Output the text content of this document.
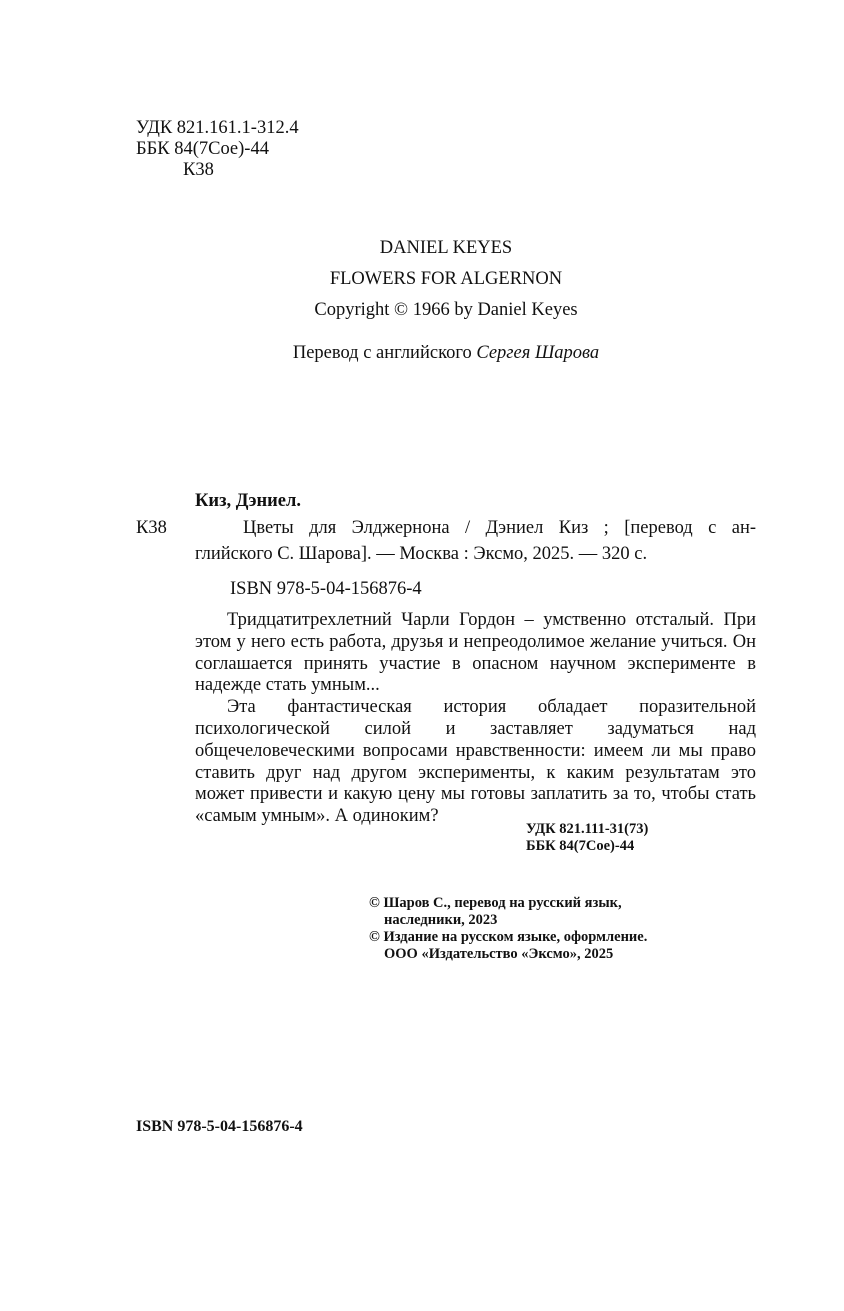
УДК 821.161.1-312.4
ББК 84(7Сое)-44
К38
DANIEL KEYES
FLOWERS FOR ALGERNON
Copyright © 1966 by Daniel Keyes
Перевод с английского Сергея Шарова
Киз, Дэниел.
К38	Цветы для Элджернона / Дэниел Киз ; [перевод с ан-
глийского С. Шарова]. — Москва : Эксмо, 2025. — 320 с.
ISBN 978-5-04-156876-4

Тридцатитрехлетний Чарли Гордон – умственно отсталый. При этом у него есть работа, друзья и непреодолимое желание учиться. Он соглашается принять участие в опасном научном эксперименте в надежде стать умным...

Эта фантастическая история обладает поразительной психологической силой и заставляет задуматься над общечеловеческими вопросами нравственности: имеем ли мы право ставить друг над другом эксперименты, к каким результатам это может привести и какую цену мы готовы заплатить за то, чтобы стать «самым умным». А одиноким?

УДК 821.111-31(73)
ББК 84(7Сое)-44
© Шаров С., перевод на русский язык,
наследники, 2023
© Издание на русском языке, оформление.
ООО «Издательство «Эксмо», 2025
ISBN 978-5-04-156876-4
